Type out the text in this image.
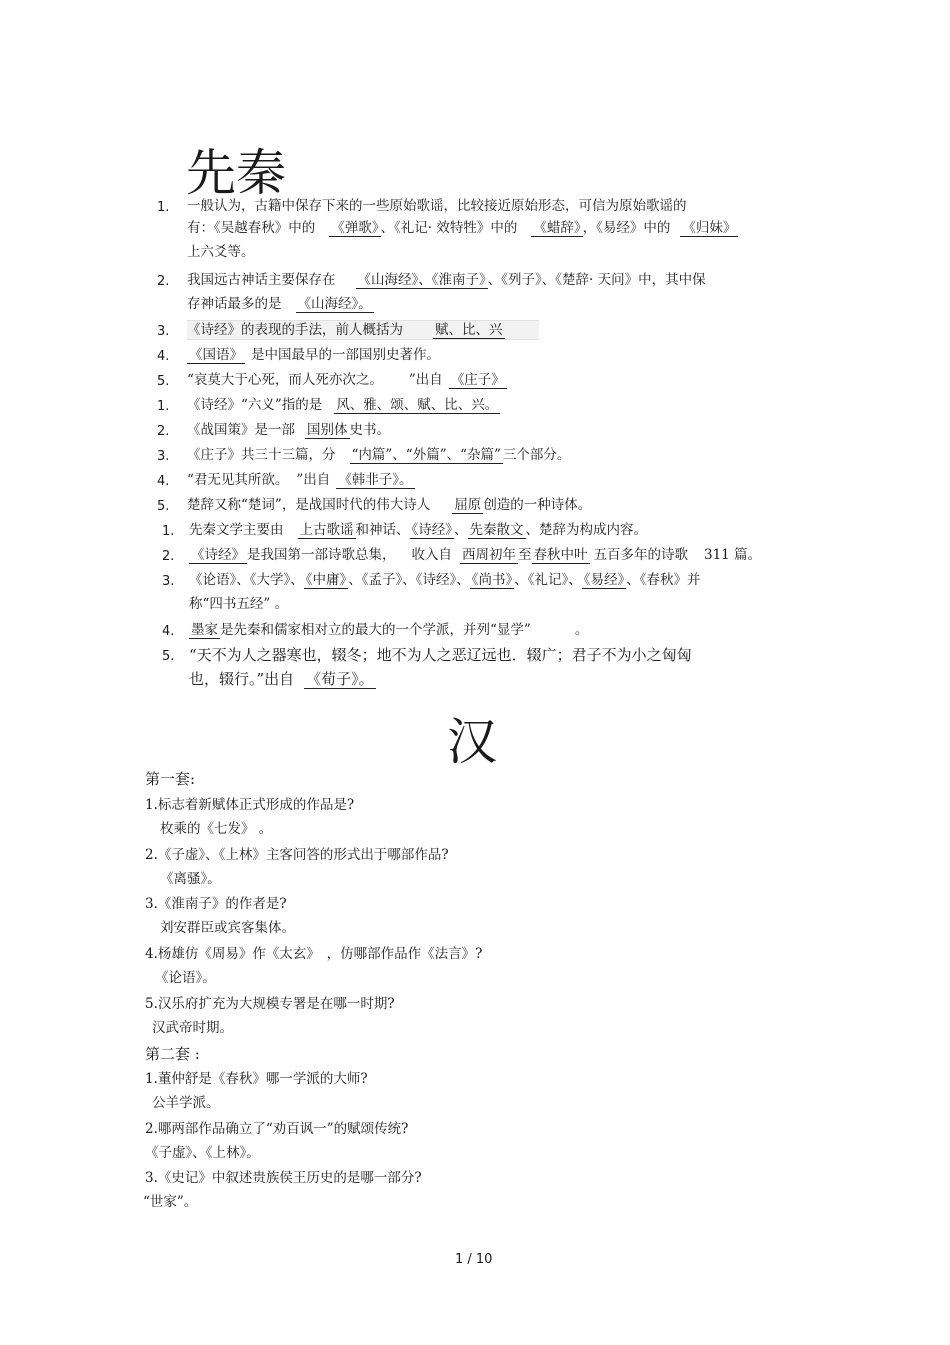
先秦
汉
1. 一般认为，古籍中保存下来的一些原始歌谣，比较接近原始形态，可信为原始歌谣的
有：《吴越春秋》中的 《弹歌》 、《礼记· 效特牲》中的 《蜡辞》 ，《易经》中的 《归妹》
上六爻等。
2. 我国远古神话主要保存在 《山海经》、《淮南子》 、《列子》、《楚辞· 天问》中，其中保
存神话最多的是 《山海经》。
3. 《诗经》的表现的手法，前人概括为 赋、比、兴
4. 《国语》 是中国最早的一部国别史著作。
5. “哀莫大于心死，而人死亦次之。 ”出自 《庄子》
1. 《诗经》“六义”指的是 风、雅、颂、赋、比、兴。
2. 《战国策》是一部 国别体 史书。
3. 《庄子》共三十三篇，分 “内篇”、“外篇”、“杂篇” 三个部分。
4. “君无见其所欲。 ”出自 《韩非子》。
5. 楚辞又称“楚词”，是战国时代的伟大诗人 屈原 创造的一种诗体。
1. 先秦文学主要由 上古歌谣 和神话、 《诗经》 、 先秦散文 、楚辞为构成内容。
2. 《诗经》 是我国第一部诗歌总集， 收入自 西周初年 至 春秋中叶 五百多年的诗歌 311 篇。
3. 《论语》、《大学》、 《中庸》 、《孟子》、《诗经》、 《尚书》 、《礼记》、 《易经》 、《春秋》并
称“四书五经” 。
4. 墨家 是先秦和儒家相对立的最大的一个学派，并列“显学”	。
5. “天不为人之器寒也，辍冬；地不为人之恶辽远也．辍广；君子不为小之匈匈
也，辍行。”出自 《荀子》。
第一套:
1.标志着新赋体正式形成的作品是?
枚乘的《七发》 。
2.《子虚》、《上林》主客问答的形式出于哪部作品?
《离骚》。
3.《淮南子》的作者是?
刘安群臣或宾客集体。
4.杨雄仿《周易》作《太玄》　，仿哪部作品作《法言》?
《论语》。
5.汉乐府扩充为大规模专署是在哪一时期?
汉武帝时期。
第二套 :
1.董仲舒是《春秋》哪一学派的大师?
公羊学派。
2.哪两部作品确立了“劝百讽一”的赋颂传统?
《子虚》、《上林》。
3.《史记》中叙述贵族侯王历史的是哪一部分?
“世家”。
1 / 10
